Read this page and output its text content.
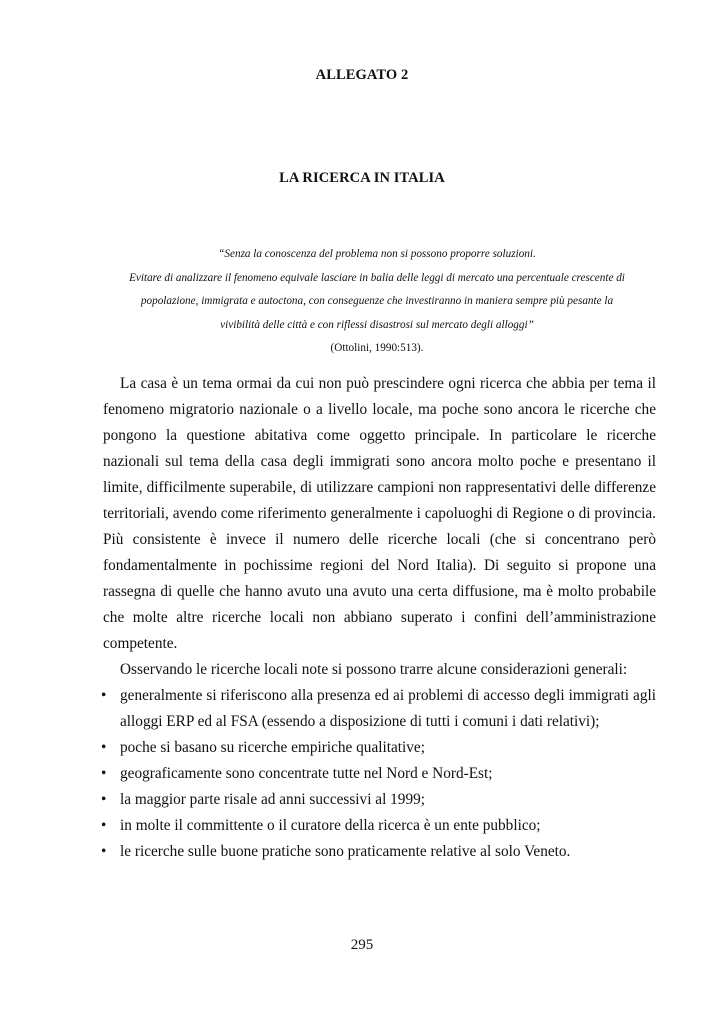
ALLEGATO 2
LA RICERCA IN ITALIA
“Senza la conoscenza del problema non si possono proporre soluzioni.
Evitare di analizzare il fenomeno equivale lasciare in balia delle leggi di mercato una percentuale crescente di
popolazione, immigrata e autoctona, con conseguenze che investiranno in maniera sempre più pesante la
vivibilità delle città e con riflessi disastrosi sul mercato degli alloggi”
(Ottolini, 1990:513).

La casa è un tema ormai da cui non può prescindere ogni ricerca che abbia per tema il fenomeno migratorio nazionale o a livello locale, ma poche sono ancora le ricerche che pongono la questione abitativa come oggetto principale. In particolare le ricerche nazionali sul tema della casa degli immigrati sono ancora molto poche e presentano il limite, difficilmente superabile, di utilizzare campioni non rappresentativi delle differenze territoriali, avendo come riferimento generalmente i capoluoghi di Regione o di provincia. Più consistente è invece il numero delle ricerche locali (che si concentrano però fondamentalmente in pochissime regioni del Nord Italia). Di seguito si propone una rassegna di quelle che hanno avuto una avuto una certa diffusione, ma è molto probabile che molte altre ricerche locali non abbiano superato i confini dell’amministrazione competente.

Osservando le ricerche locali note si possono trarre alcune considerazioni generali:

• generalmente si riferiscono alla presenza ed ai problemi di accesso degli immigrati agli alloggi ERP ed al FSA (essendo a disposizione di tutti i comuni i dati relativi);
• poche si basano su ricerche empiriche qualitative;
• geograficamente sono concentrate tutte nel Nord e Nord-Est;
• la maggior parte risale ad anni successivi al 1999;
• in molte il committente o il curatore della ricerca è un ente pubblico;
• le ricerche sulle buone pratiche sono praticamente relative al solo Veneto.
295
